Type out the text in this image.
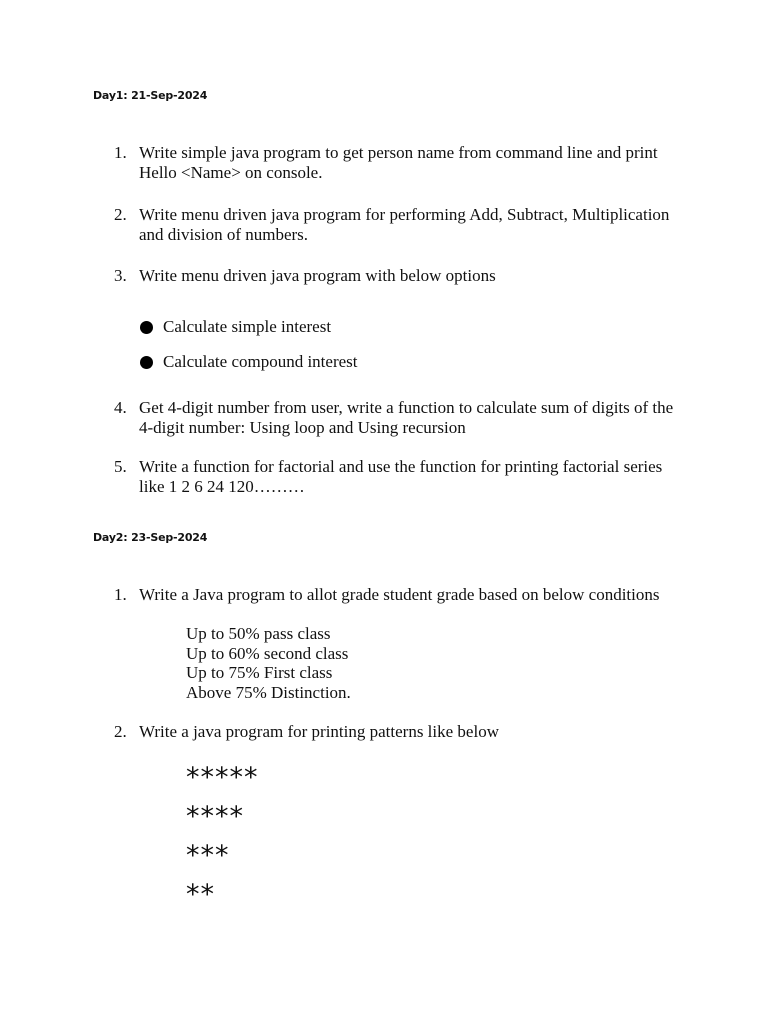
Day1: 21-Sep-2024

1. Write simple java program to get person name from command line and print Hello <Name> on console.
2. Write menu driven java program for performing Add, Subtract, Multiplication and division of numbers.
3. Write menu driven java program with below options
Calculate simple interest
Calculate compound interest
4. Get 4-digit number from user, write a function to calculate sum of digits of the 4-digit number: Using loop and Using recursion
5. Write a function for factorial and use the function for printing factorial series like 1 2 6 24 120………

Day2: 23-Sep-2024

1. Write a Java program to allot grade student grade based on below conditions
Up to 50% pass class
Up to 60% second class
Up to 75% First class
Above 75% Distinction.
2. Write a java program for printing patterns like below
*****
****
***
**
